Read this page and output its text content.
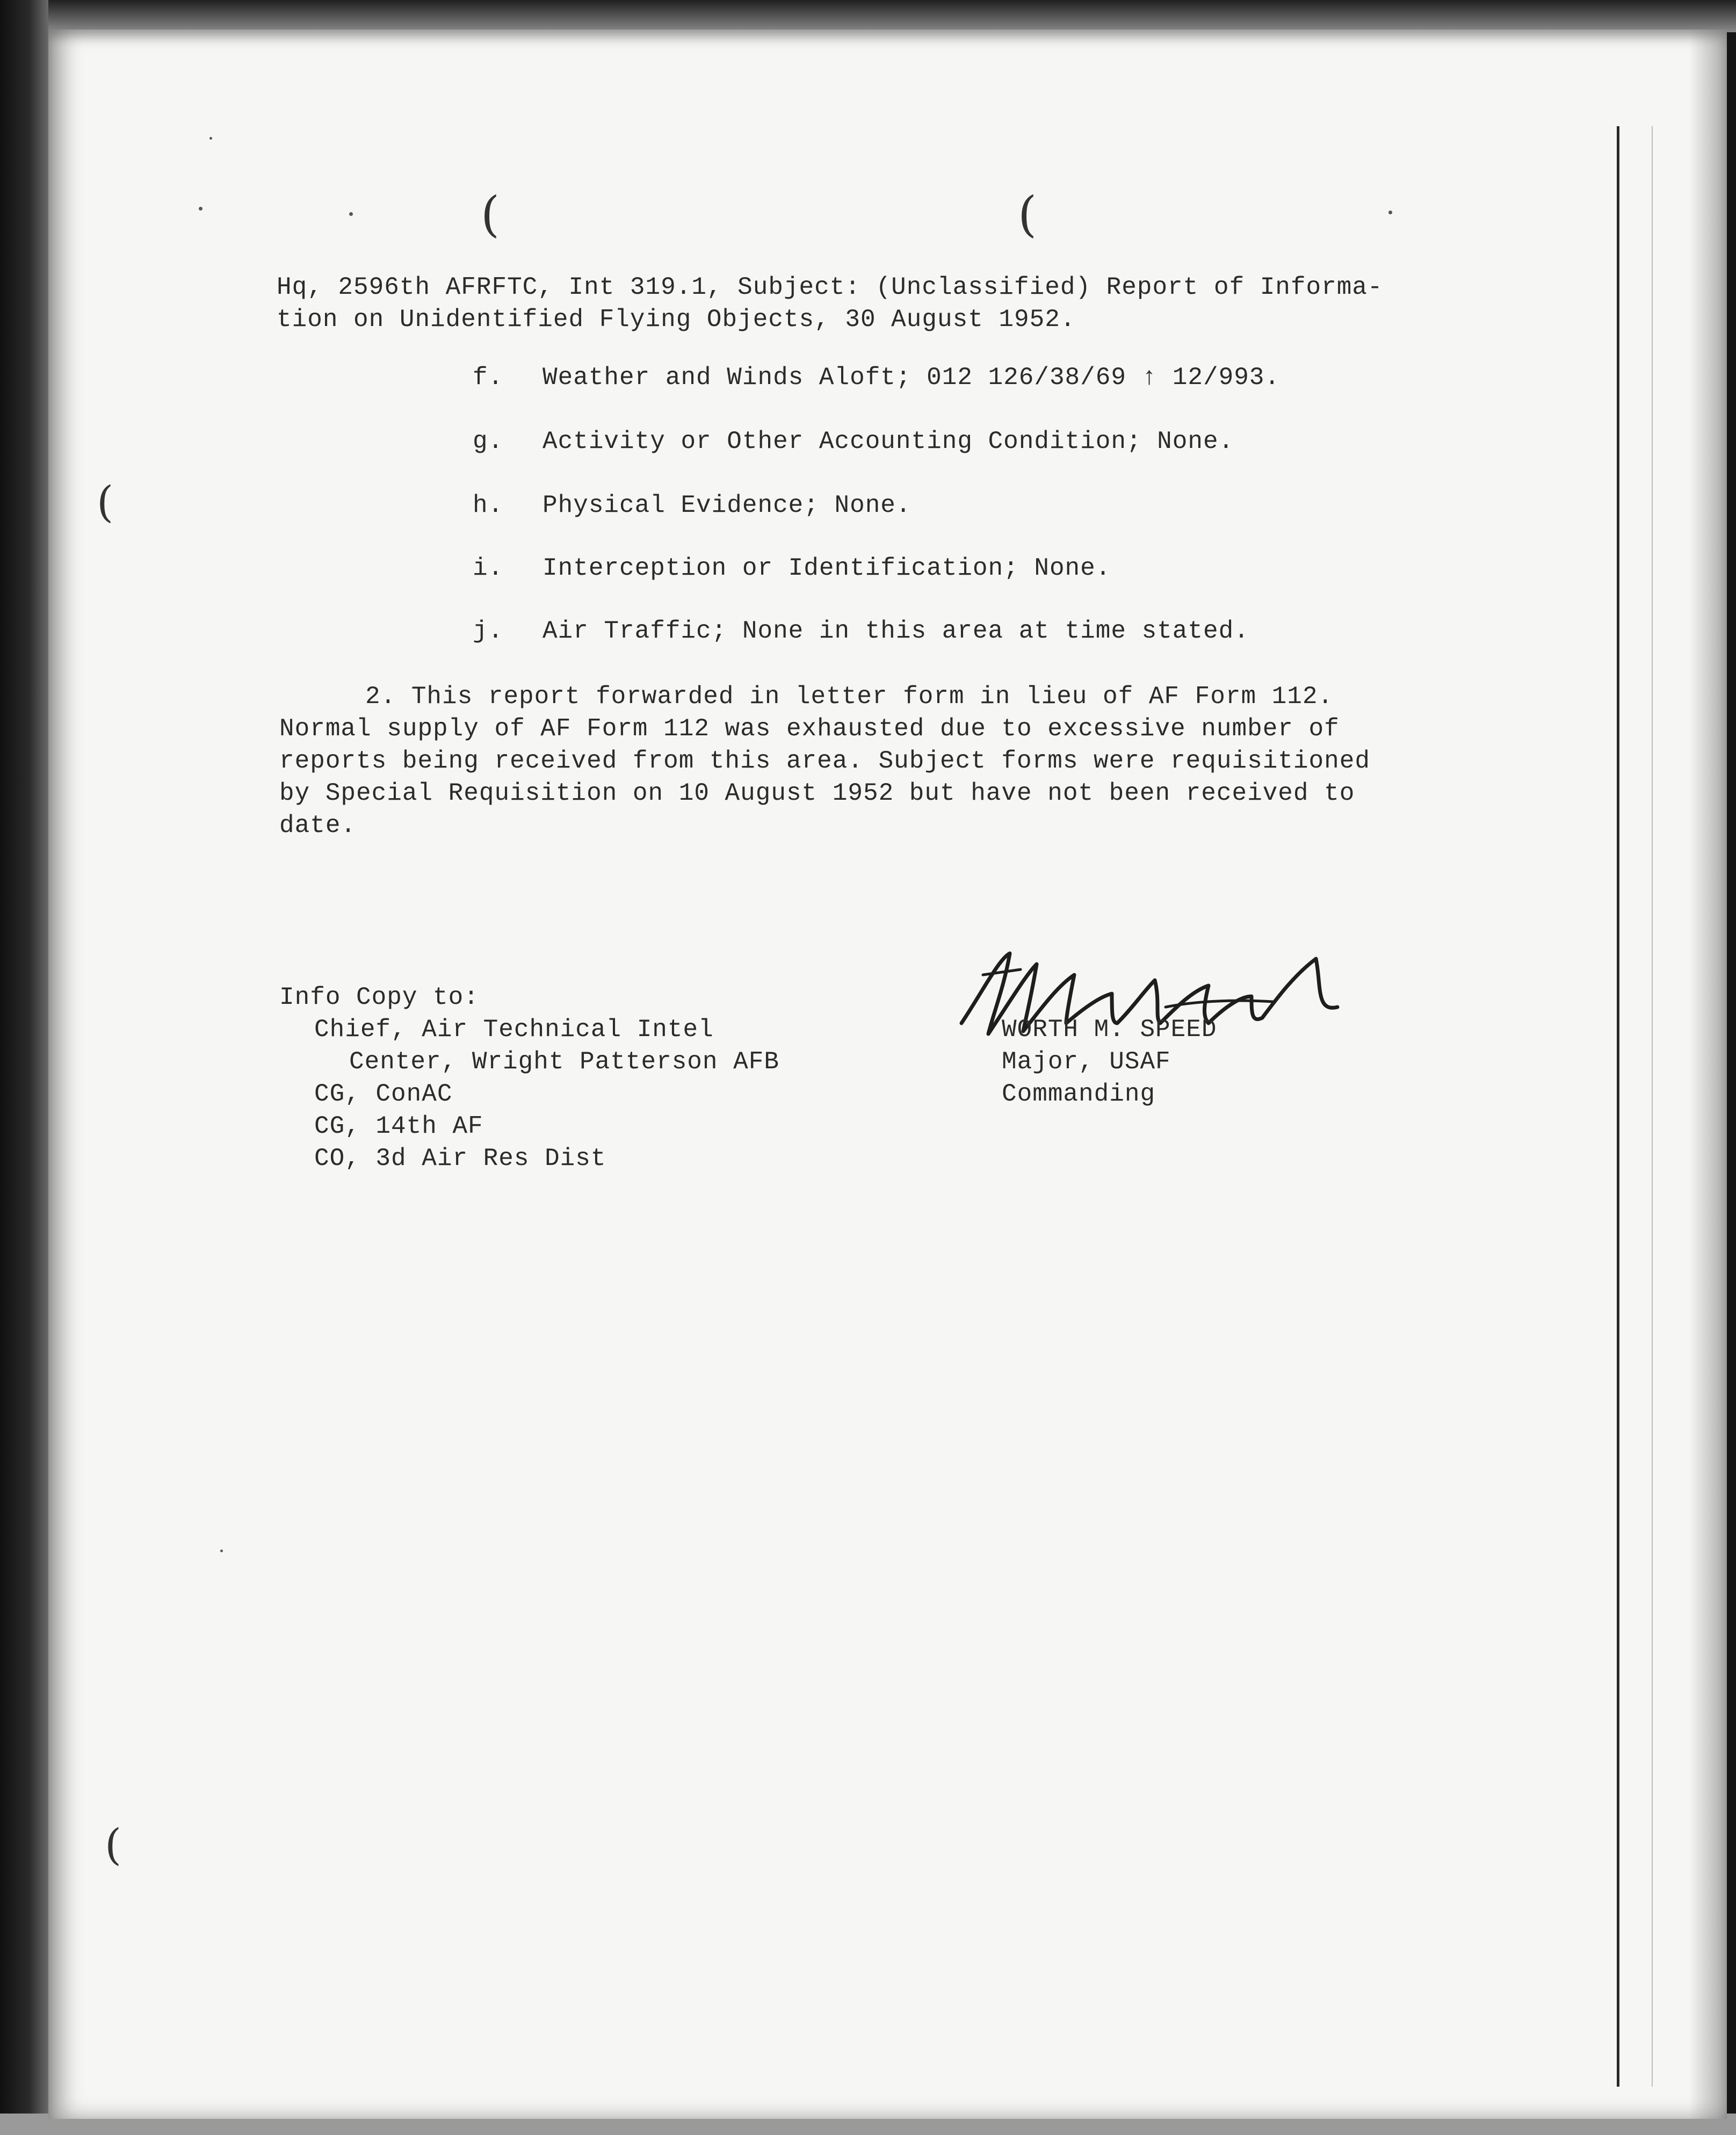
(	(
(
(
Hq, 2596th AFRFTC, Int 319.1, Subject: (Unclassified) Report of Informa-
tion on Unidentified Flying Objects, 30 August 1952.
f. Weather and Winds Aloft; 012 126/38/69 ↑ 12/993.
g. Activity or Other Accounting Condition; None.
h. Physical Evidence; None.
i. Interception or Identification; None.
j. Air Traffic; None in this area at time stated.
2. This report forwarded in letter form in lieu of AF Form 112.
Normal supply of AF Form 112 was exhausted due to excessive number of
reports being received from this area. Subject forms were requisitioned
by Special Requisition on 10 August 1952 but have not been received to
date.
Info Copy to:
Chief, Air Technical Intel
Center, Wright Patterson AFB
CG, ConAC
CG, 14th AF
CO, 3d Air Res Dist
WORTH M. SPEED
Major, USAF
Commanding
